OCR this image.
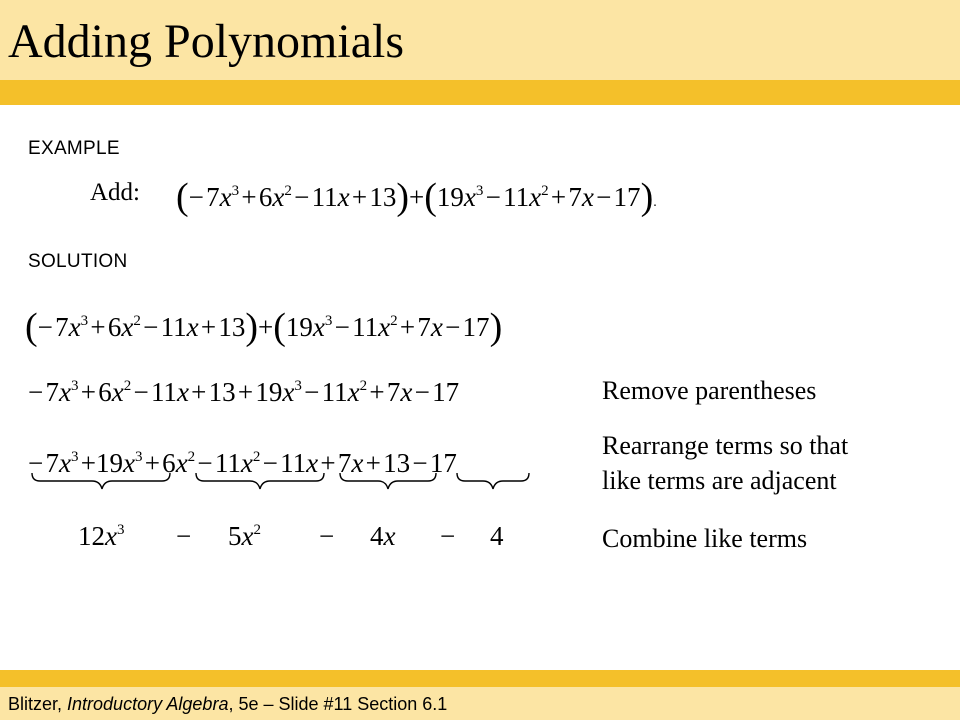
Adding Polynomials
EXAMPLE
Add: (− $7x^3$ + $6x^2$ − 11x + $13)+(19x^3$ − $11x^2$ + 7x − 17).
SOLUTION
(− $7x^3$ + $6x^2$ − 11x + $13)+(19x^3$ − $11x^2$ + 7x − 17)
− $7x^3$ + $6x^2$ − 11x + 13 + $19x^3$ − $11x^2$ + 7x − 17	Remove parentheses
− $7x^3$ $+19x^3$ + $6x^2$ − $11x^2$ − 11x + 7x + 13 − 17
Rearrange terms so that
like terms are adjacent
$12x^3 - 5x^2 - 4x - 4$	Combine like terms
Blitzer, Introductory Algebra, 5e – Slide #11 Section 6.1
